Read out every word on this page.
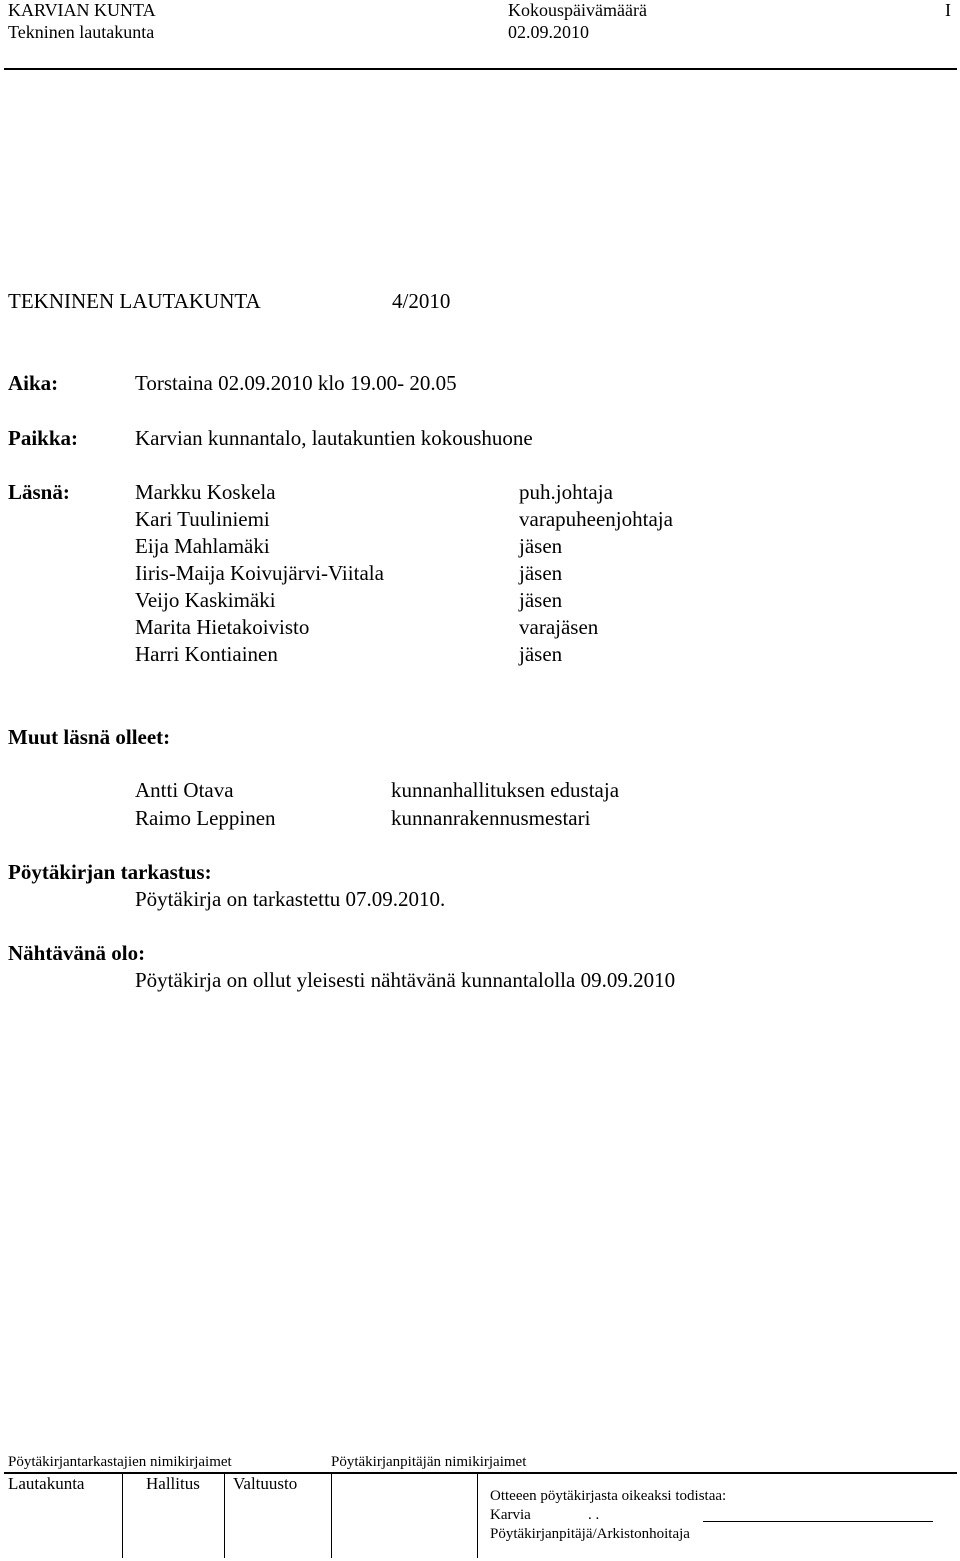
KARVIAN KUNTA
Tekninen lautakunta
Kokouspäivämäärä
02.09.2010
I
TEKNINEN LAUTAKUNTA	4/2010
Aika:	Torstaina 02.09.2010 klo 19.00- 20.05
Paikka:	Karvian kunnantalo, lautakuntien kokoushuone
Läsnä:	Markku Koskela	puh.johtaja
Kari Tuuliniemi	varapuheenjohtaja
Eija Mahlamäki	jäsen
Iiris-Maija Koivujärvi-Viitala	jäsen
Veijo Kaskimäki	jäsen
Marita Hietakoivisto	varajäsen
Harri Kontiainen	jäsen
Muut läsnä olleet:
Antti Otava	kunnanhallituksen edustaja
Raimo Leppinen	kunnanrakennusmestari
Pöytäkirjan tarkastus:
Pöytäkirja on tarkastettu 07.09.2010.
Nähtävänä olo:
Pöytäkirja on ollut yleisesti nähtävänä kunnantalolla 09.09.2010
Pöytäkirjantarkastajien nimikirjaimet	Pöytäkirjanpitäjän nimikirjaimet
Lautakunta	Hallitus Valtuusto
Otteeen pöytäkirjasta oikeaksi todistaa:
Karvia	. .
Pöytäkirjanpitäjä/Arkistonhoitaja
